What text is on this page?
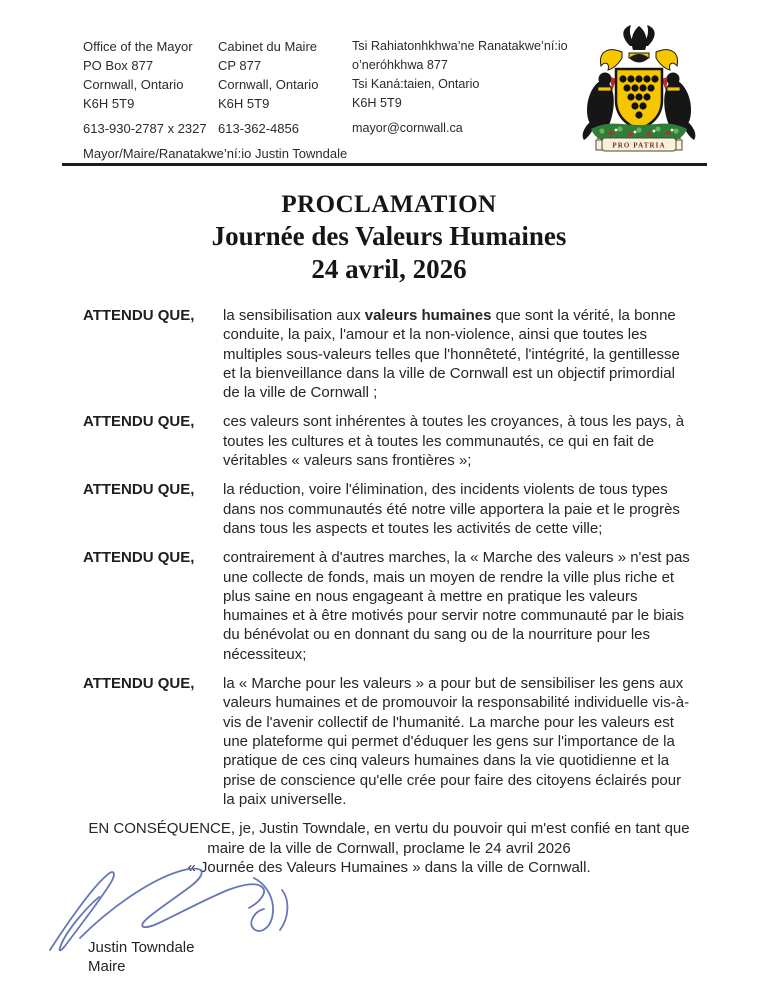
Office of the Mayor
PO Box 877
Cornwall, Ontario
K6H 5T9
613-930-2787 x 2327
Cabinet du Maire
CP 877
Cornwall, Ontario
K6H 5T9
613-362-4856
Tsi Rahiatonhkhwa’ne Ranatakwe’ní:io
o’neróhkhwa 877
Tsi Kaná:taien, Ontario
K6H 5T9
mayor@cornwall.ca
PRO PATRIA
Mayor/Maire/Ranatakwe’ní:io Justin Towndale
PROCLAMATION
Journée des Valeurs Humaines
24 avril, 2026
ATTENDU QUE,	la sensibilisation aux valeurs humaines que sont la vérité, la bonne conduite, la paix, l'amour et la non-violence, ainsi que toutes les multiples sous-valeurs telles que l'honnêteté, l'intégrité, la gentillesse et la bienveillance dans la ville de Cornwall est un objectif primordial de la ville de Cornwall ;
ATTENDU QUE,	ces valeurs sont inhérentes à toutes les croyances, à tous les pays, à toutes les cultures et à toutes les communautés, ce qui en fait de véritables « valeurs sans frontières »;
ATTENDU QUE,	la réduction, voire l'élimination, des incidents violents de tous types dans nos communautés été notre ville apportera la paie et le progrès dans tous les aspects et toutes les activités de cette ville;
ATTENDU QUE,	contrairement à d'autres marches, la « Marche des valeurs » n'est pas une collecte de fonds, mais un moyen de rendre la ville plus riche et plus saine en nous engageant à mettre en pratique les valeurs humaines et à être motivés pour servir notre communauté par le biais du bénévolat ou en donnant du sang ou de la nourriture pour les nécessiteux;
ATTENDU QUE,	la « Marche pour les valeurs » a pour but de sensibiliser les gens aux valeurs humaines et de promouvoir la responsabilité individuelle vis-à-vis de l'avenir collectif de l'humanité. La marche pour les valeurs est une plateforme qui permet d'éduquer les gens sur l'importance de la pratique de ces cinq valeurs humaines dans la vie quotidienne et la prise de conscience qu'elle crée pour faire des citoyens éclairés pour la paix universelle.
EN CONSÉQUENCE, je, Justin Towndale, en vertu du pouvoir qui m'est confié en tant que
maire de la ville de Cornwall, proclame le 24 avril 2026
« Journée des Valeurs Humaines » dans la ville de Cornwall.
Justin Towndale
Maire
